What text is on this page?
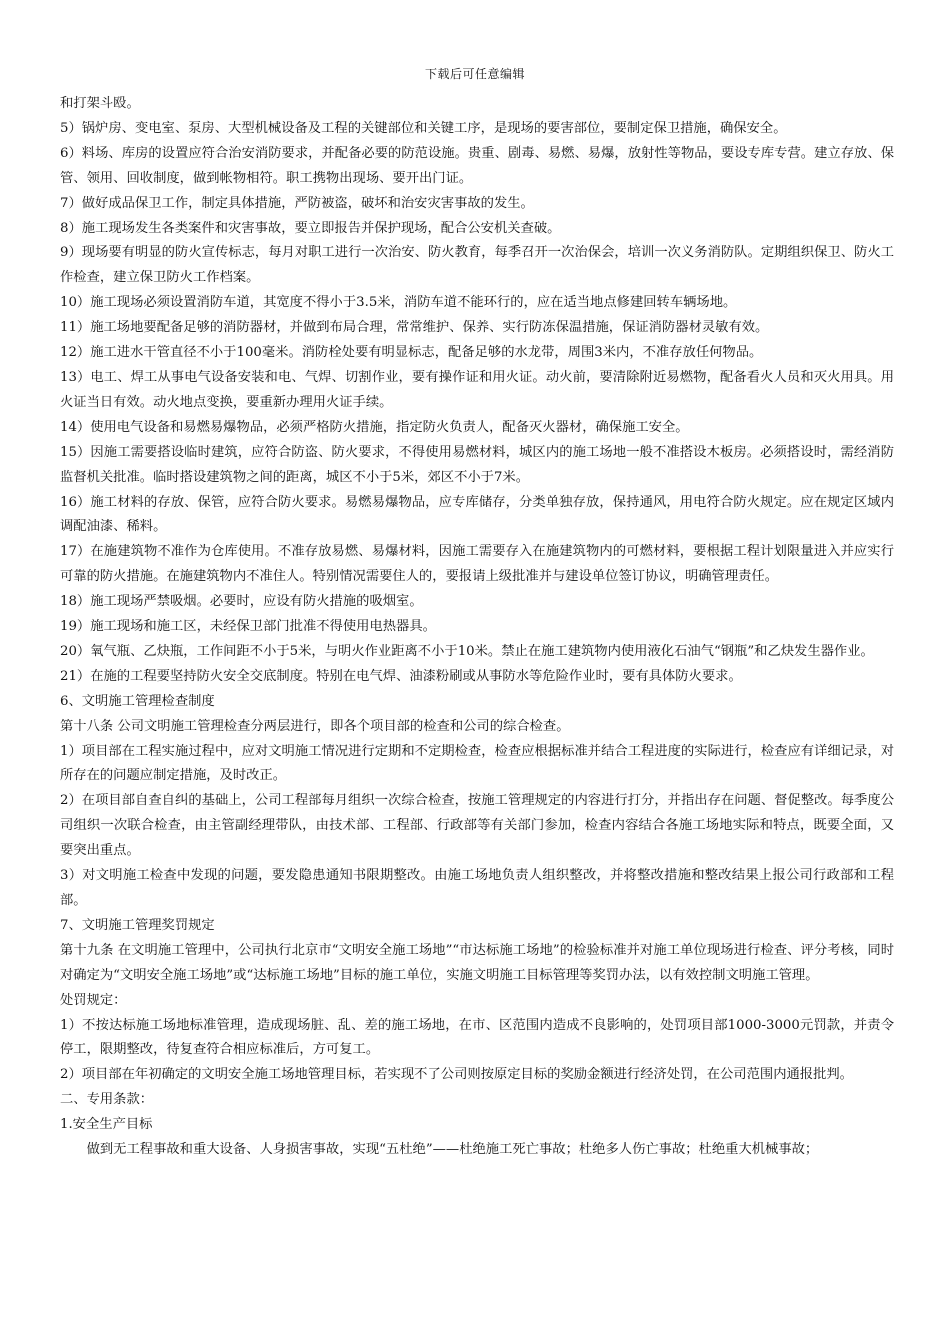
下载后可任意编辑

和打架斗殴。

5）锅炉房、变电室、泵房、大型机械设备及工程的关键部位和关键工序，是现场的要害部位，要制定保卫措施，确保安全。

6）料场、库房的设置应符合治安消防要求，并配备必要的防范设施。贵重、剧毒、易燃、易爆，放射性等物品，要设专库专营。建立存放、保管、领用、回收制度，做到帐物相符。职工携物出现场、要开出门证。

7）做好成品保卫工作，制定具体措施，严防被盗，破坏和治安灾害事故的发生。

8）施工现场发生各类案件和灾害事故，要立即报告并保护现场，配合公安机关查破。

9）现场要有明显的防火宣传标志，每月对职工进行一次治安、防火教育，每季召开一次治保会，培训一次义务消防队。定期组织保卫、防火工作检查，建立保卫防火工作档案。

10）施工现场必须设置消防车道，其宽度不得小于3.5米，消防车道不能环行的，应在适当地点修建回转车辆场地。

11）施工场地要配备足够的消防器材，并做到布局合理，常常维护、保养、实行防冻保温措施，保证消防器材灵敏有效。

12）施工进水干管直径不小于100毫米。消防栓处要有明显标志，配备足够的水龙带，周围3米内，不准存放任何物品。

13）电工、焊工从事电气设备安装和电、气焊、切割作业，要有操作证和用火证。动火前，要清除附近易燃物，配备看火人员和灭火用具。用火证当日有效。动火地点变换，要重新办理用火证手续。

14）使用电气设备和易燃易爆物品，必须严格防火措施，指定防火负责人，配备灭火器材，确保施工安全。

15）因施工需要搭设临时建筑，应符合防盗、防火要求，不得使用易燃材料，城区内的施工场地一般不准搭设木板房。必须搭设时，需经消防监督机关批准。临时搭设建筑物之间的距离，城区不小于5米，郊区不小于7米。

16）施工材料的存放、保管，应符合防火要求。易燃易爆物品，应专库储存，分类单独存放，保持通风，用电符合防火规定。应在规定区域内调配油漆、稀料。

17）在施建筑物不准作为仓库使用。不准存放易燃、易爆材料，因施工需要存入在施建筑物内的可燃材料，要根据工程计划限量进入并应实行可靠的防火措施。在施建筑物内不准住人。特别情况需要住人的，要报请上级批准并与建设单位签订协议，明确管理责任。

18）施工现场严禁吸烟。必要时，应设有防火措施的吸烟室。

19）施工现场和施工区，未经保卫部门批准不得使用电热器具。

20）氧气瓶、乙炔瓶，工作间距不小于5米，与明火作业距离不小于10米。禁止在施工建筑物内使用液化石油气“钢瓶”和乙炔发生器作业。

21）在施的工程要坚持防火安全交底制度。特别在电气焊、油漆粉刷或从事防水等危险作业时，要有具体防火要求。

6、文明施工管理检查制度

第十八条 公司文明施工管理检查分两层进行，即各个项目部的检查和公司的综合检查。

1）项目部在工程实施过程中，应对文明施工情况进行定期和不定期检查，检查应根据标准并结合工程进度的实际进行，检查应有详细记录，对所存在的问题应制定措施，及时改正。

2）在项目部自查自纠的基础上，公司工程部每月组织一次综合检查，按施工管理规定的内容进行打分，并指出存在问题、督促整改。每季度公司组织一次联合检查，由主管副经理带队，由技术部、工程部、行政部等有关部门参加，检查内容结合各施工场地实际和特点，既要全面，又要突出重点。

3）对文明施工检查中发现的问题，要发隐患通知书限期整改。由施工场地负责人组织整改，并将整改措施和整改结果上报公司行政部和工程部。

7、文明施工管理奖罚规定

第十九条 在文明施工管理中，公司执行北京市“文明安全施工场地”“市达标施工场地”的检验标准并对施工单位现场进行检查、评分考核，同时对确定为“文明安全施工场地”或“达标施工场地”目标的施工单位，实施文明施工目标管理等奖罚办法，以有效控制文明施工管理。

处罚规定：

1）不按达标施工场地标准管理，造成现场脏、乱、差的施工场地，在市、区范围内造成不良影响的，处罚项目部1000-3000元罚款，并责令停工，限期整改，待复查符合相应标准后，方可复工。

2）项目部在年初确定的文明安全施工场地管理目标，若实现不了公司则按原定目标的奖励金额进行经济处罚，在公司范围内通报批判。

二、专用条款：

1.安全生产目标

做到无工程事故和重大设备、人身损害事故，实现“五杜绝”——杜绝施工死亡事故；杜绝多人伤亡事故；杜绝重大机械事故；
